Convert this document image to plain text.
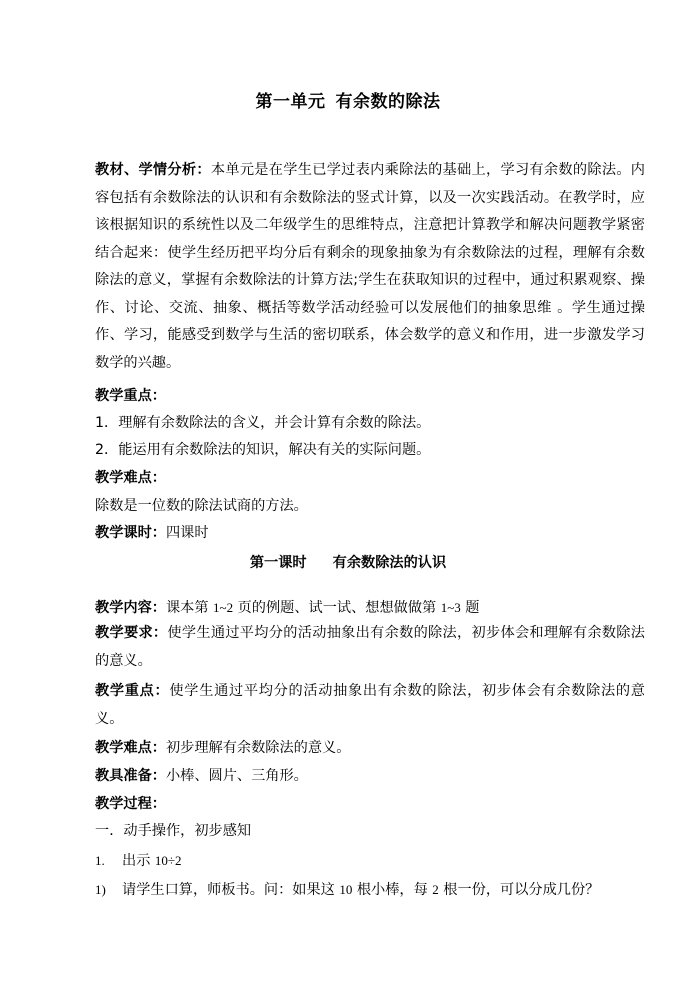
第一单元 有余数的除法
教材、学情分析：本单元是在学生已学过表内乘除法的基础上，学习有余数的除法。内容包括有余数除法的认识和有余数除法的竖式计算，以及一次实践活动。在教学时，应该根据知识的系统性以及二年级学生的思维特点，注意把计算教学和解决问题教学紧密结合起来：使学生经历把平均分后有剩余的现象抽象为有余数除法的过程，理解有余数除法的意义，掌握有余数除法的计算方法;学生在获取知识的过程中，通过积累观察、操作、讨论、交流、抽象、概括等数学活动经验可以发展他们的抽象思维 。学生通过操作、学习，能感受到数学与生活的密切联系，体会数学的意义和作用，进一步激发学习数学的兴趣。
教学重点：
1．理解有余数除法的含义，并会计算有余数的除法。
2．能运用有余数除法的知识，解决有关的实际问题。
教学难点：
除数是一位数的除法试商的方法。
教学课时：四课时
第一课时 有余数除法的认识
教学内容：课本第 1~2 页的例题、试一试、想想做做第 1~3 题
教学要求：使学生通过平均分的活动抽象出有余数的除法，初步体会和理解有余数除法的意义。
教学重点：使学生通过平均分的活动抽象出有余数的除法，初步体会有余数除法的意义。
教学难点：初步理解有余数除法的意义。
教具准备：小棒、圆片、三角形。
教学过程：
一．动手操作，初步感知
1. 出示 10÷2
1) 请学生口算，师板书。问：如果这 10 根小棒，每 2 根一份，可以分成几份？
